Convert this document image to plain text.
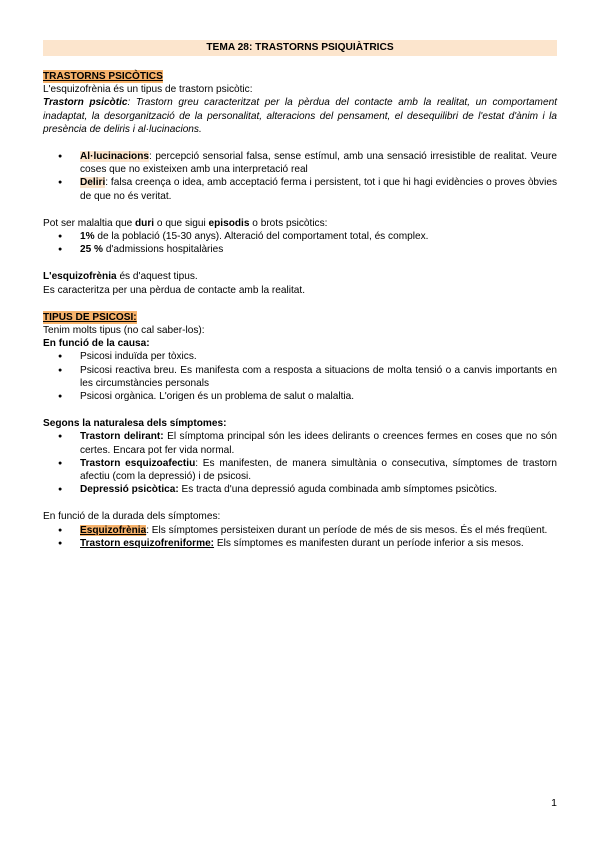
TEMA 28: TRASTORNS PSIQUIÀTRICS
TRASTORNS PSICÒTICS

L'esquizofrènia és un tipus de trastorn psicòtic:

Trastorn psicòtic: Trastorn greu caracteritzat per la pèrdua del contacte amb la realitat, un comportament inadaptat, la desorganització de la personalitat, alteracions del pensament, el desequilibri de l'estat d'ànim i la presència de deliris i al·lucinacions.

● Al·lucinacions: percepció sensorial falsa, sense estímul, amb una sensació irresistible de realitat. Veure coses que no existeixen amb una interpretació real
● Deliri: falsa creença o idea, amb acceptació ferma i persistent, tot i que hi hagi evidències o proves òbvies de que no és veritat.

Pot ser malaltia que duri o que sigui episodis o brots psicòtics:

● 1% de la població (15-30 anys). Alteració del comportament total, és complex.
● 25 % d'admissions hospitalàries

L'esquizofrènia és d'aquest tipus.

Es caracteritza per una pèrdua de contacte amb la realitat.

TIPUS DE PSICOSI:

Tenim molts tipus (no cal saber-los):

En funció de la causa:

● Psicosi induïda per tòxics.
● Psicosi reactiva breu. Es manifesta com a resposta a situacions de molta tensió o a canvis importants en les circumstàncies personals
● Psicosi orgànica. L'origen és un problema de salut o malaltia.

Segons la naturalesa dels símptomes:

● Trastorn delirant: El símptoma principal són les idees delirants o creences fermes en coses que no són certes. Encara pot fer vida normal.
● Trastorn esquizoafectiu: Es manifesten, de manera simultània o consecutiva, símptomes de trastorn afectiu (com la depressió) i de psicosi.
● Depressió psicòtica: Es tracta d'una depressió aguda combinada amb símptomes psicòtics.

En funció de la durada dels símptomes:

● Esquizofrènia: Els símptomes persisteixen durant un període de més de sis mesos. És el més freqüent.
● Trastorn esquizofreniforme: Els símptomes es manifesten durant un període inferior a sis mesos.
1
